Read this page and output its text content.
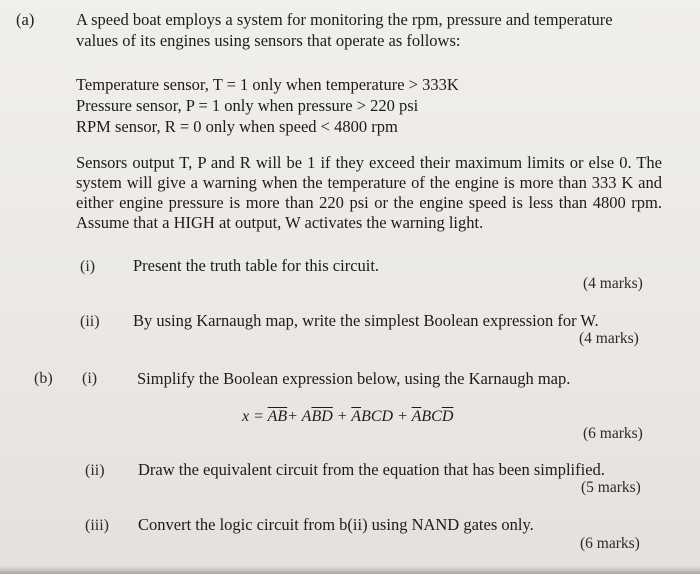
(a)	A speed boat employs a system for monitoring the rpm, pressure and temperature
values of its engines using sensors that operate as follows:
Temperature sensor, T = 1 only when temperature > 333K
Pressure sensor, P = 1 only when pressure > 220 psi
RPM sensor, R = 0 only when speed < 4800 rpm
Sensors output T, P and R will be 1 if they exceed their maximum limits or else 0. The system will give a warning when the temperature of the engine is more than 333 K and either engine pressure is more than 220 psi or the engine speed is less than 4800 rpm. Assume that a HIGH at output, W activates the warning light.
(i) Present the truth table for this circuit.
(4 marks)
(ii) By using Karnaugh map, write the simplest Boolean expression for W.
(4 marks)
(b) (i) Simplify the Boolean expression below, using the Karnaugh map.
$x = \overline{AB}+ A\overline{BD} + \overline{A}BCD + \overline{A}BC\overline{D}$
(6 marks)
(ii) Draw the equivalent circuit from the equation that has been simplified.
(5 marks)
(iii) Convert the logic circuit from b(ii) using NAND gates only.
(6 marks)
